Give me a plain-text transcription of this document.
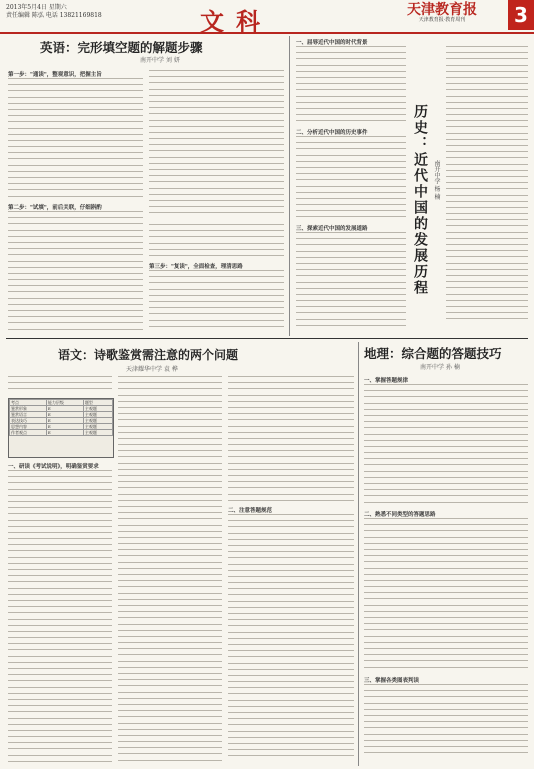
2013年5月4日 星期六
责任编辑 陈弘 电话 13821169818	文科	天津教育报
天津教育报·教育周刊	3
英语：完形填空题的解题步骤
南开中学 刘 妍
第一步："通读"，整观意识，把握主旨
第二步："试填"，前后关联，仔细斟酌
第三步："复读"，全面检查，理清思路
一、屈辱近代中国的时代背景
二、分析近代中国的历史事件
三、探索近代中国的发展道路	历史：近代中国的发展历程 南开中学 杨 楠
语文：诗歌鉴赏需注意的两个问题
天津耀华中学 袁 桦
考点	能力层级	题型
鉴赏形象	E	主观题
鉴赏语言	E	主观题
表达技巧	E	主观题
思想内容	E	主观题
作者观点	E	主观题
一、研读《考试说明》，明确鉴赏要求
二、注意答题规范
地理：综合题的答题技巧
南开中学 孙 楠
一、掌握答题规律
二、熟悉不同类型的答题思路
三、掌握各类图表判读
